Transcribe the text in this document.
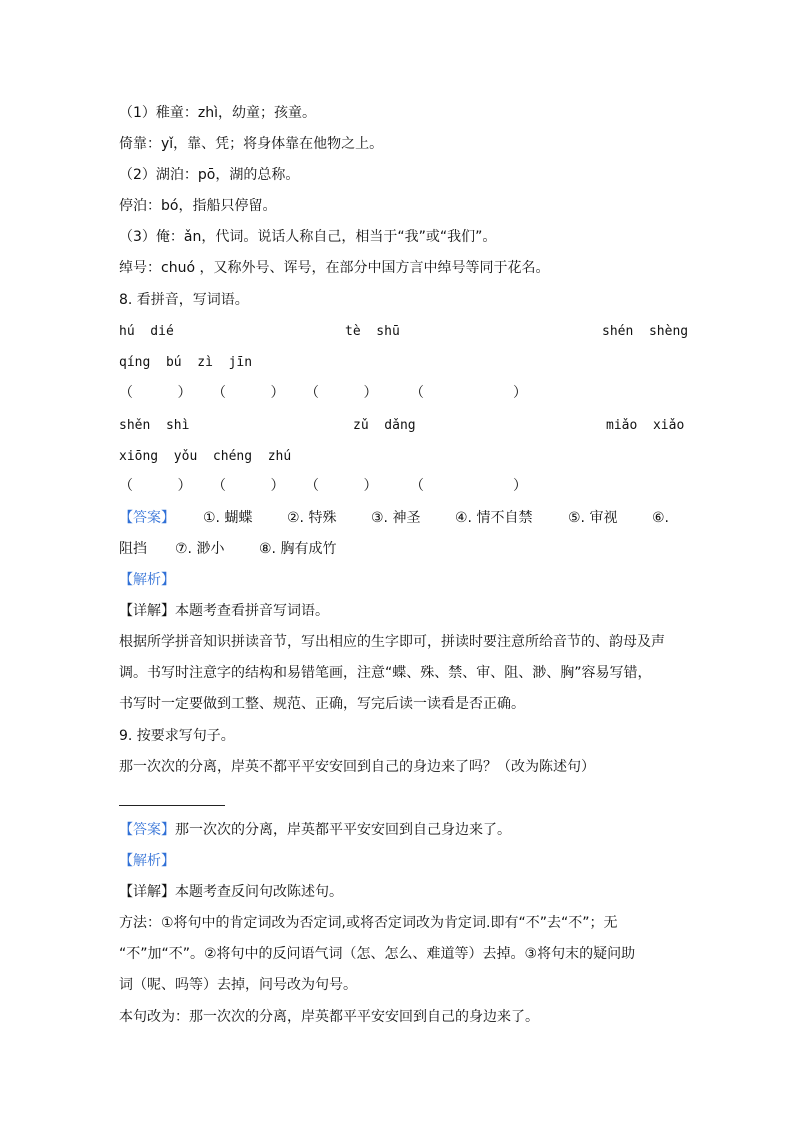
（1）稚童：zhì，幼童；孩童。
倚靠：yǐ，靠、凭；将身体靠在他物之上。
（2）湖泊：pō，湖的总称。
停泊：bó，指船只停留。
（3）俺：ǎn，代词。说话人称自己，相当于“我”或“我们”。
绰号：chuó ，又称外号、诨号，在部分中国方言中绰号等同于花名。
8. 看拼音，写词语。
hú  dié	tè  shū	shén  shèng
qíng  bú  zì  jīn
（          ） （          ） （          ） （                    ）
shěn  shì	zǔ  dǎng	miǎo  xiǎo
xiōng  yǒu  chéng  zhú
（          ） （          ） （          ） （                    ）
【答案】 ①. 蝴蝶 ②. 特殊 ③. 神圣 ④. 情不自禁	⑤. 审视 ⑥.
阻挡 ⑦. 渺小 ⑧. 胸有成竹
【解析】
【详解】本题考查看拼音写词语。
根据所学拼音知识拼读音节，写出相应的生字即可，拼读时要注意所给音节的、韵母及声
调。书写时注意字的结构和易错笔画，注意“蝶、殊、禁、审、阻、渺、胸”容易写错，
书写时一定要做到工整、规范、正确，写完后读一读看是否正确。
9. 按要求写句子。
那一次次的分离，岸英不都平平安安回到自己的身边来了吗？（改为陈述句）
【答案】 那一次次的分离，岸英都平平安安回到自己身边来了。
【解析】
【详解】本题考查反问句改陈述句。
方法：①将句中的肯定词改为否定词,或将否定词改为肯定词.即有“不”去“不”；无
“不”加“不”。②将句中的反问语气词（怎、怎么、难道等）去掉。③将句末的疑问助
词（呢、吗等）去掉，问号改为句号。
本句改为：那一次次的分离，岸英都平平安安回到自己的身边来了。
